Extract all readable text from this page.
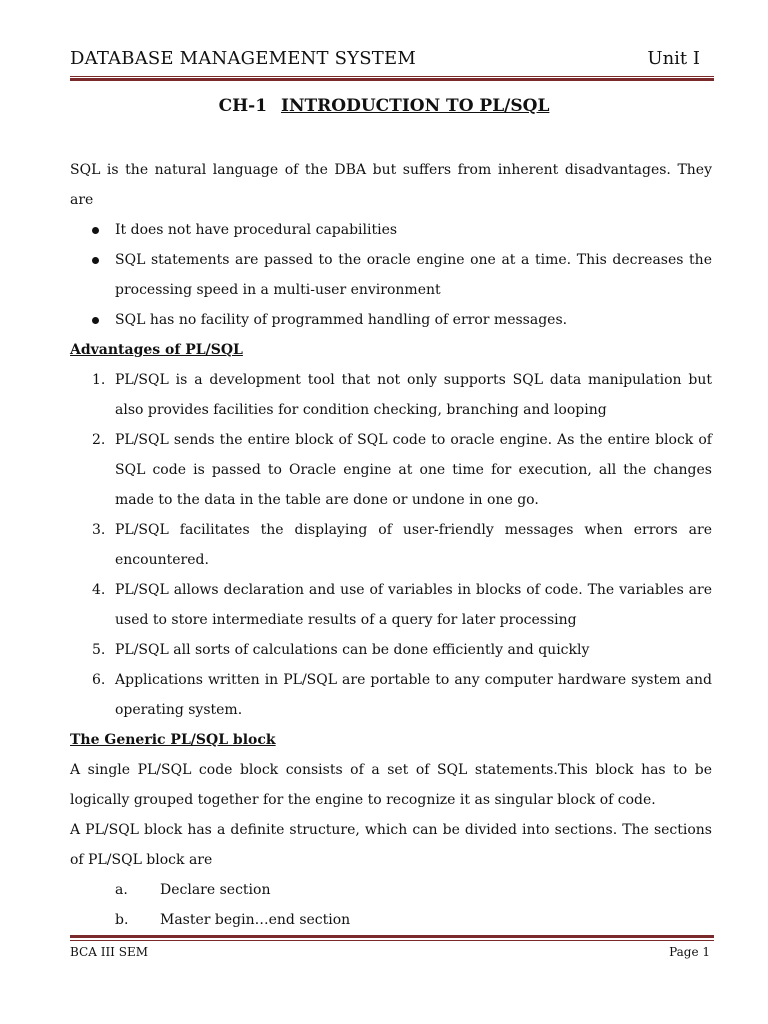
DATABASE MANAGEMENT SYSTEM	Unit I
CH-1 INTRODUCTION TO PL/SQL

SQL is the natural language of the DBA but suffers from inherent disadvantages. They are

It does not have procedural capabilities
SQL statements are passed to the oracle engine one at a time. This decreases the processing speed in a multi-user environment
SQL has no facility of programmed handling of error messages.

Advantages of PL/SQL

1. PL/SQL is a development tool that not only supports SQL data manipulation but also provides facilities for condition checking, branching and looping
2. PL/SQL sends the entire block of SQL code to oracle engine. As the entire block of SQL code is passed to Oracle engine at one time for execution, all the changes made to the data in the table are done or undone in one go.
3. PL/SQL facilitates the displaying of user-friendly messages when errors are encountered.
4. PL/SQL allows declaration and use of variables in blocks of code. The variables are used to store intermediate results of a query for later processing
5. PL/SQL all sorts of calculations can be done efficiently and quickly
6. Applications written in PL/SQL are portable to any computer hardware system and operating system.

The Generic PL/SQL block

A single PL/SQL code block consists of a set of SQL statements.This block has to be logically grouped together for the engine to recognize it as singular block of code.

A PL/SQL block has a definite structure, which can be divided into sections. The sections of PL/SQL block are

a. Declare section
b. Master begin…end section
BCA III SEM	Page 1
